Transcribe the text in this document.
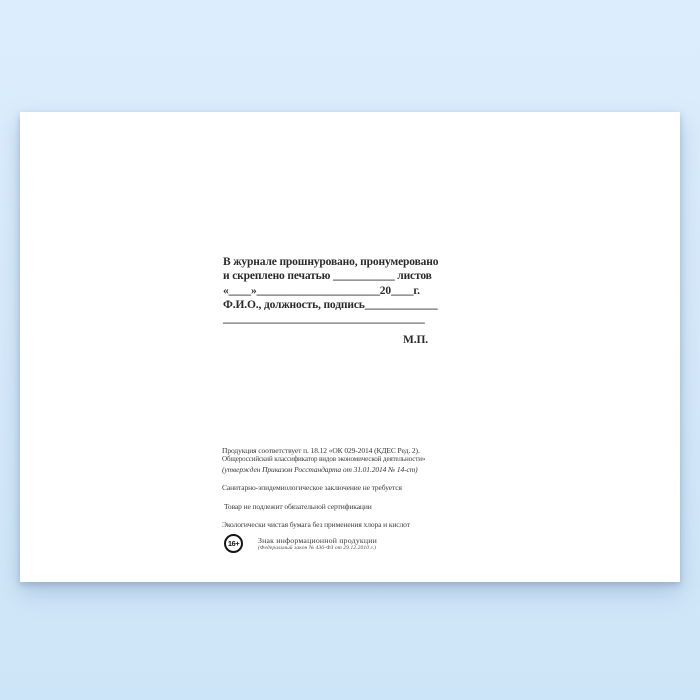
В журнале прошнуровано, пронумеровано
и скреплено печатью ___________ листов
«____»______________________20____г.
Ф.И.О., должность, подпись_____________
____________________________________
М.П.
Продукция соответствует п. 18.12 «ОК 029-2014 (КДЕС Ред. 2).
Общероссийский классификатор видов экономической деятельности»
(утвержден Приказом Росстандарта от 31.01.2014 № 14-ст)
Санитарно-эпидемиологическое заключение не требуется
Товар не подлежит обязательной сертификации
Экологически чистая бумага без применения хлора и кислот
16+	Знак информационной продукции
(Федеральный закон № 436-ФЗ от 29.12.2010 г.)
